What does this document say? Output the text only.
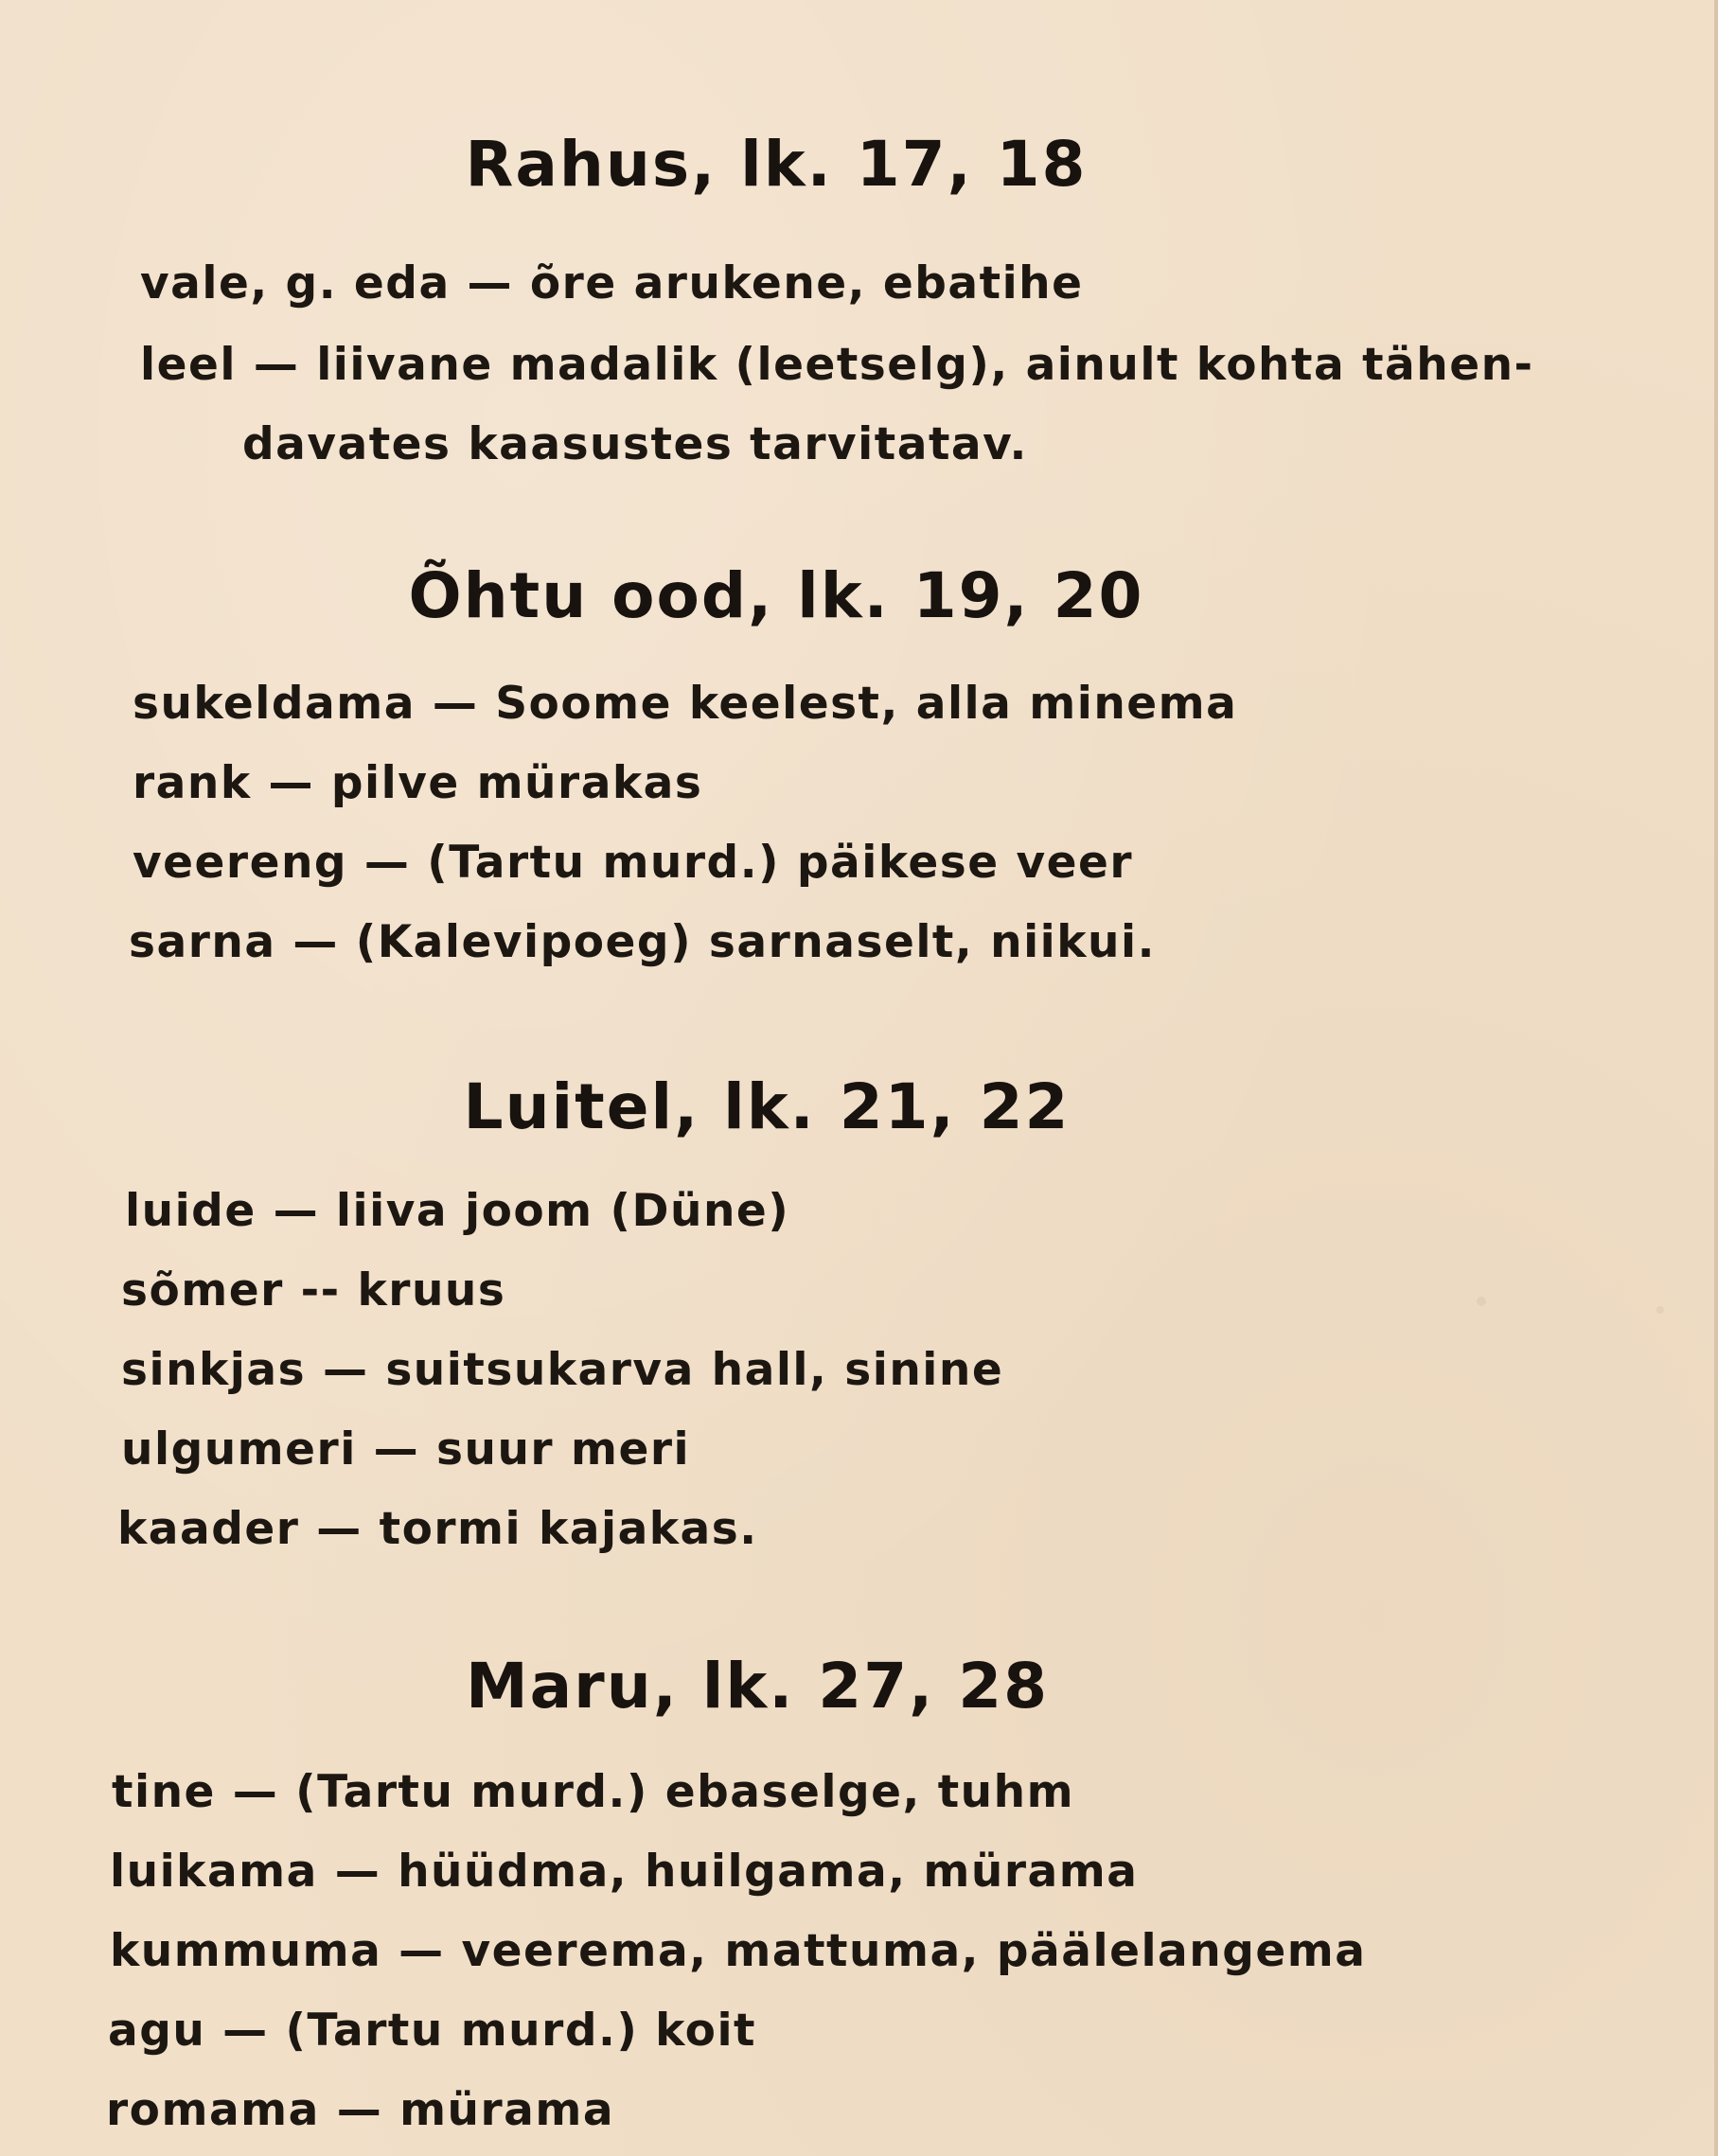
Rahus, lk. 17, 18
vale, g. eda — õre arukene, ebatihe
leel — liivane madalik (leetselg), ainult kohta tähen-
davates kaasustes tarvitatav.
Õhtu ood, lk. 19, 20
sukeldama — Soome keelest, alla minema
rank — pilve mürakas
veereng — (Tartu murd.) päikese veer
sarna — (Kalevipoeg) sarnaselt, niikui.
Luitel, lk. 21, 22
luide — liiva joom (Düne)
sõmer -- kruus
sinkjas — suitsukarva hall, sinine
ulgumeri — suur meri
kaader — tormi kajakas.
Maru, lk. 27, 28
tine — (Tartu murd.) ebaselge, tuhm
luikama — hüüdma, huilgama, mürama
kummuma — veerema, mattuma, päälelangema
agu — (Tartu murd.) koit
romama — mürama
